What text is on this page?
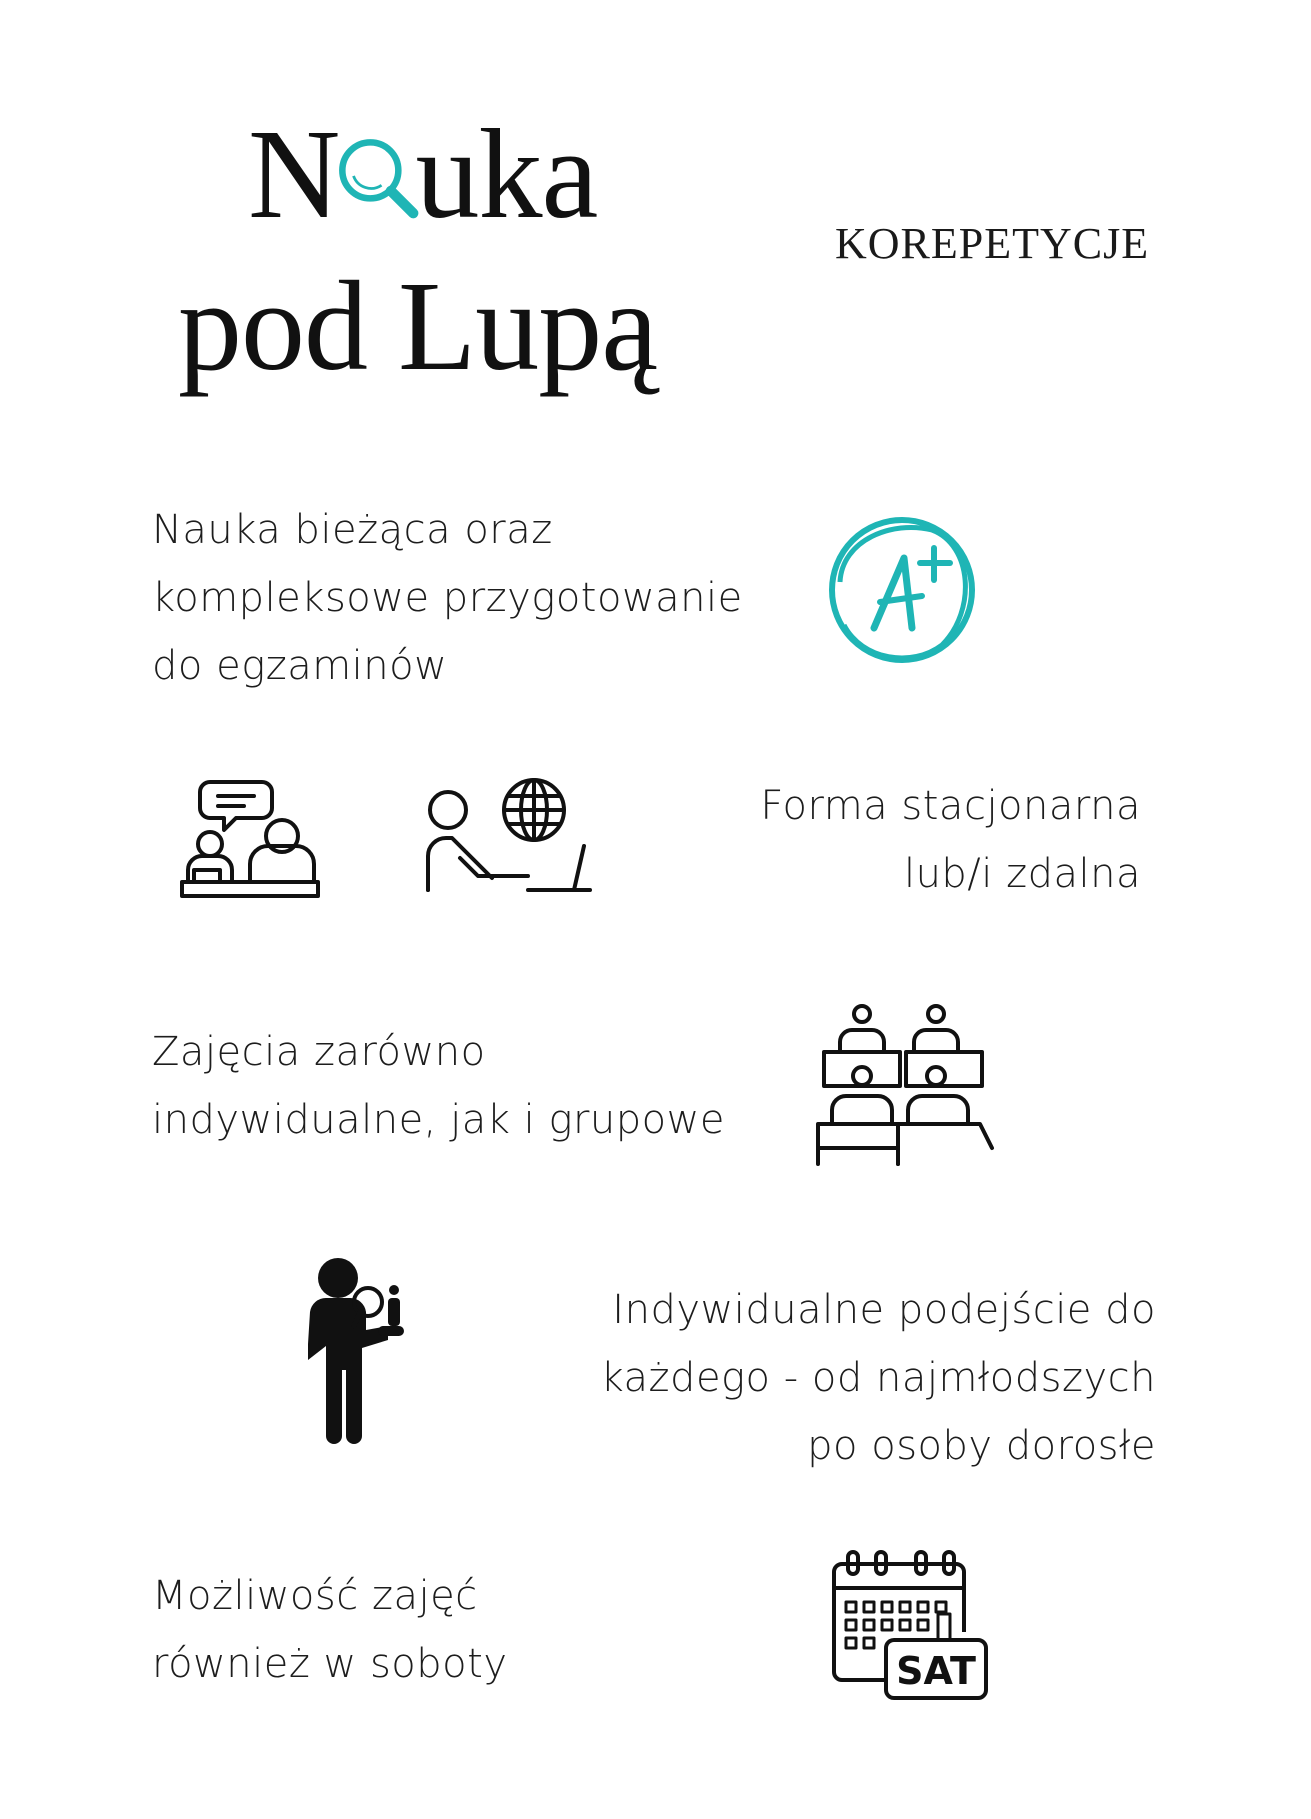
N uka
pod Lupą
KOREPETYCJE
Nauka bieżąca oraz
kompleksowe przygotowanie
do egzaminów
Forma stacjonarna
lub/i zdalna
Zajęcia zarówno
indywidualne, jak i grupowe
Indywidualne podejście do
każdego - od najmłodszych
po osoby dorosłe
Możliwość zajęć
również w soboty	SAT
